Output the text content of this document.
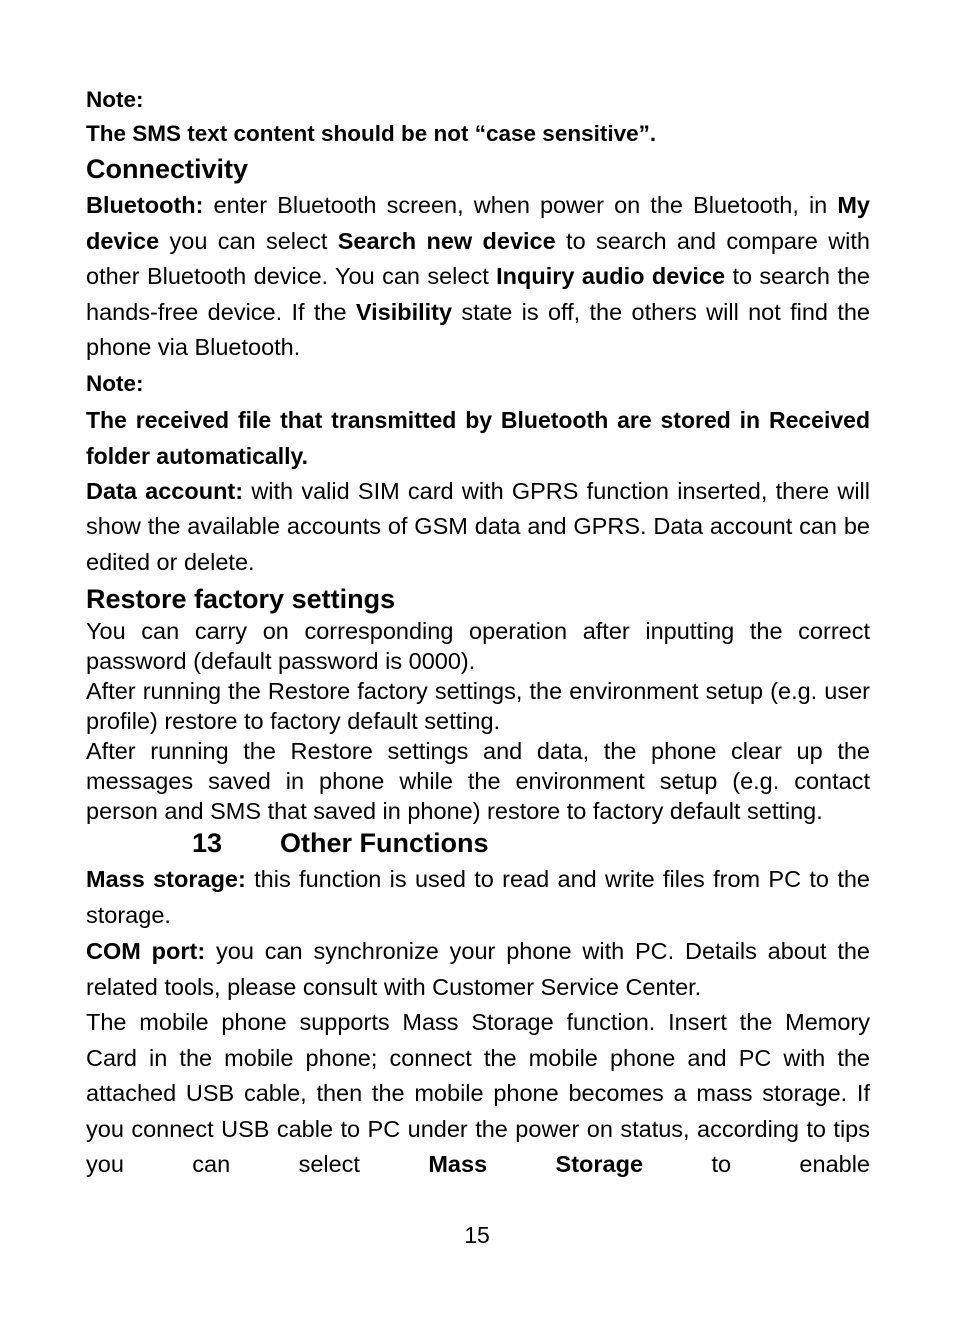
Note:

The SMS text content should be not “case sensitive”.

Connectivity

Bluetooth: enter Bluetooth screen, when power on the Bluetooth, in My device you can select Search new device to search and compare with other Bluetooth device. You can select Inquiry audio device to search the hands-free device. If the Visibility state is off, the others will not find the phone via Bluetooth.

Note:

The received file that transmitted by Bluetooth are stored in Received folder automatically.

Data account: with valid SIM card with GPRS function inserted, there will show the available accounts of GSM data and GPRS. Data account can be edited or delete.

Restore factory settings

You can carry on corresponding operation after inputting the correct password (default password is 0000).

After running the Restore factory settings, the environment setup (e.g. user profile) restore to factory default setting.

After running the Restore settings and data, the phone clear up the messages saved in phone while the environment setup (e.g. contact person and SMS that saved in phone) restore to factory default setting.

13 Other Functions

Mass storage: this function is used to read and write files from PC to the storage.

COM port: you can synchronize your phone with PC. Details about the related tools, please consult with Customer Service Center.

The mobile phone supports Mass Storage function. Insert the Memory Card in the mobile phone; connect the mobile phone and PC with the attached USB cable, then the mobile phone becomes a mass storage. If you connect USB cable to PC under the power on status, according to tips you can select Mass Storage to enable

15
